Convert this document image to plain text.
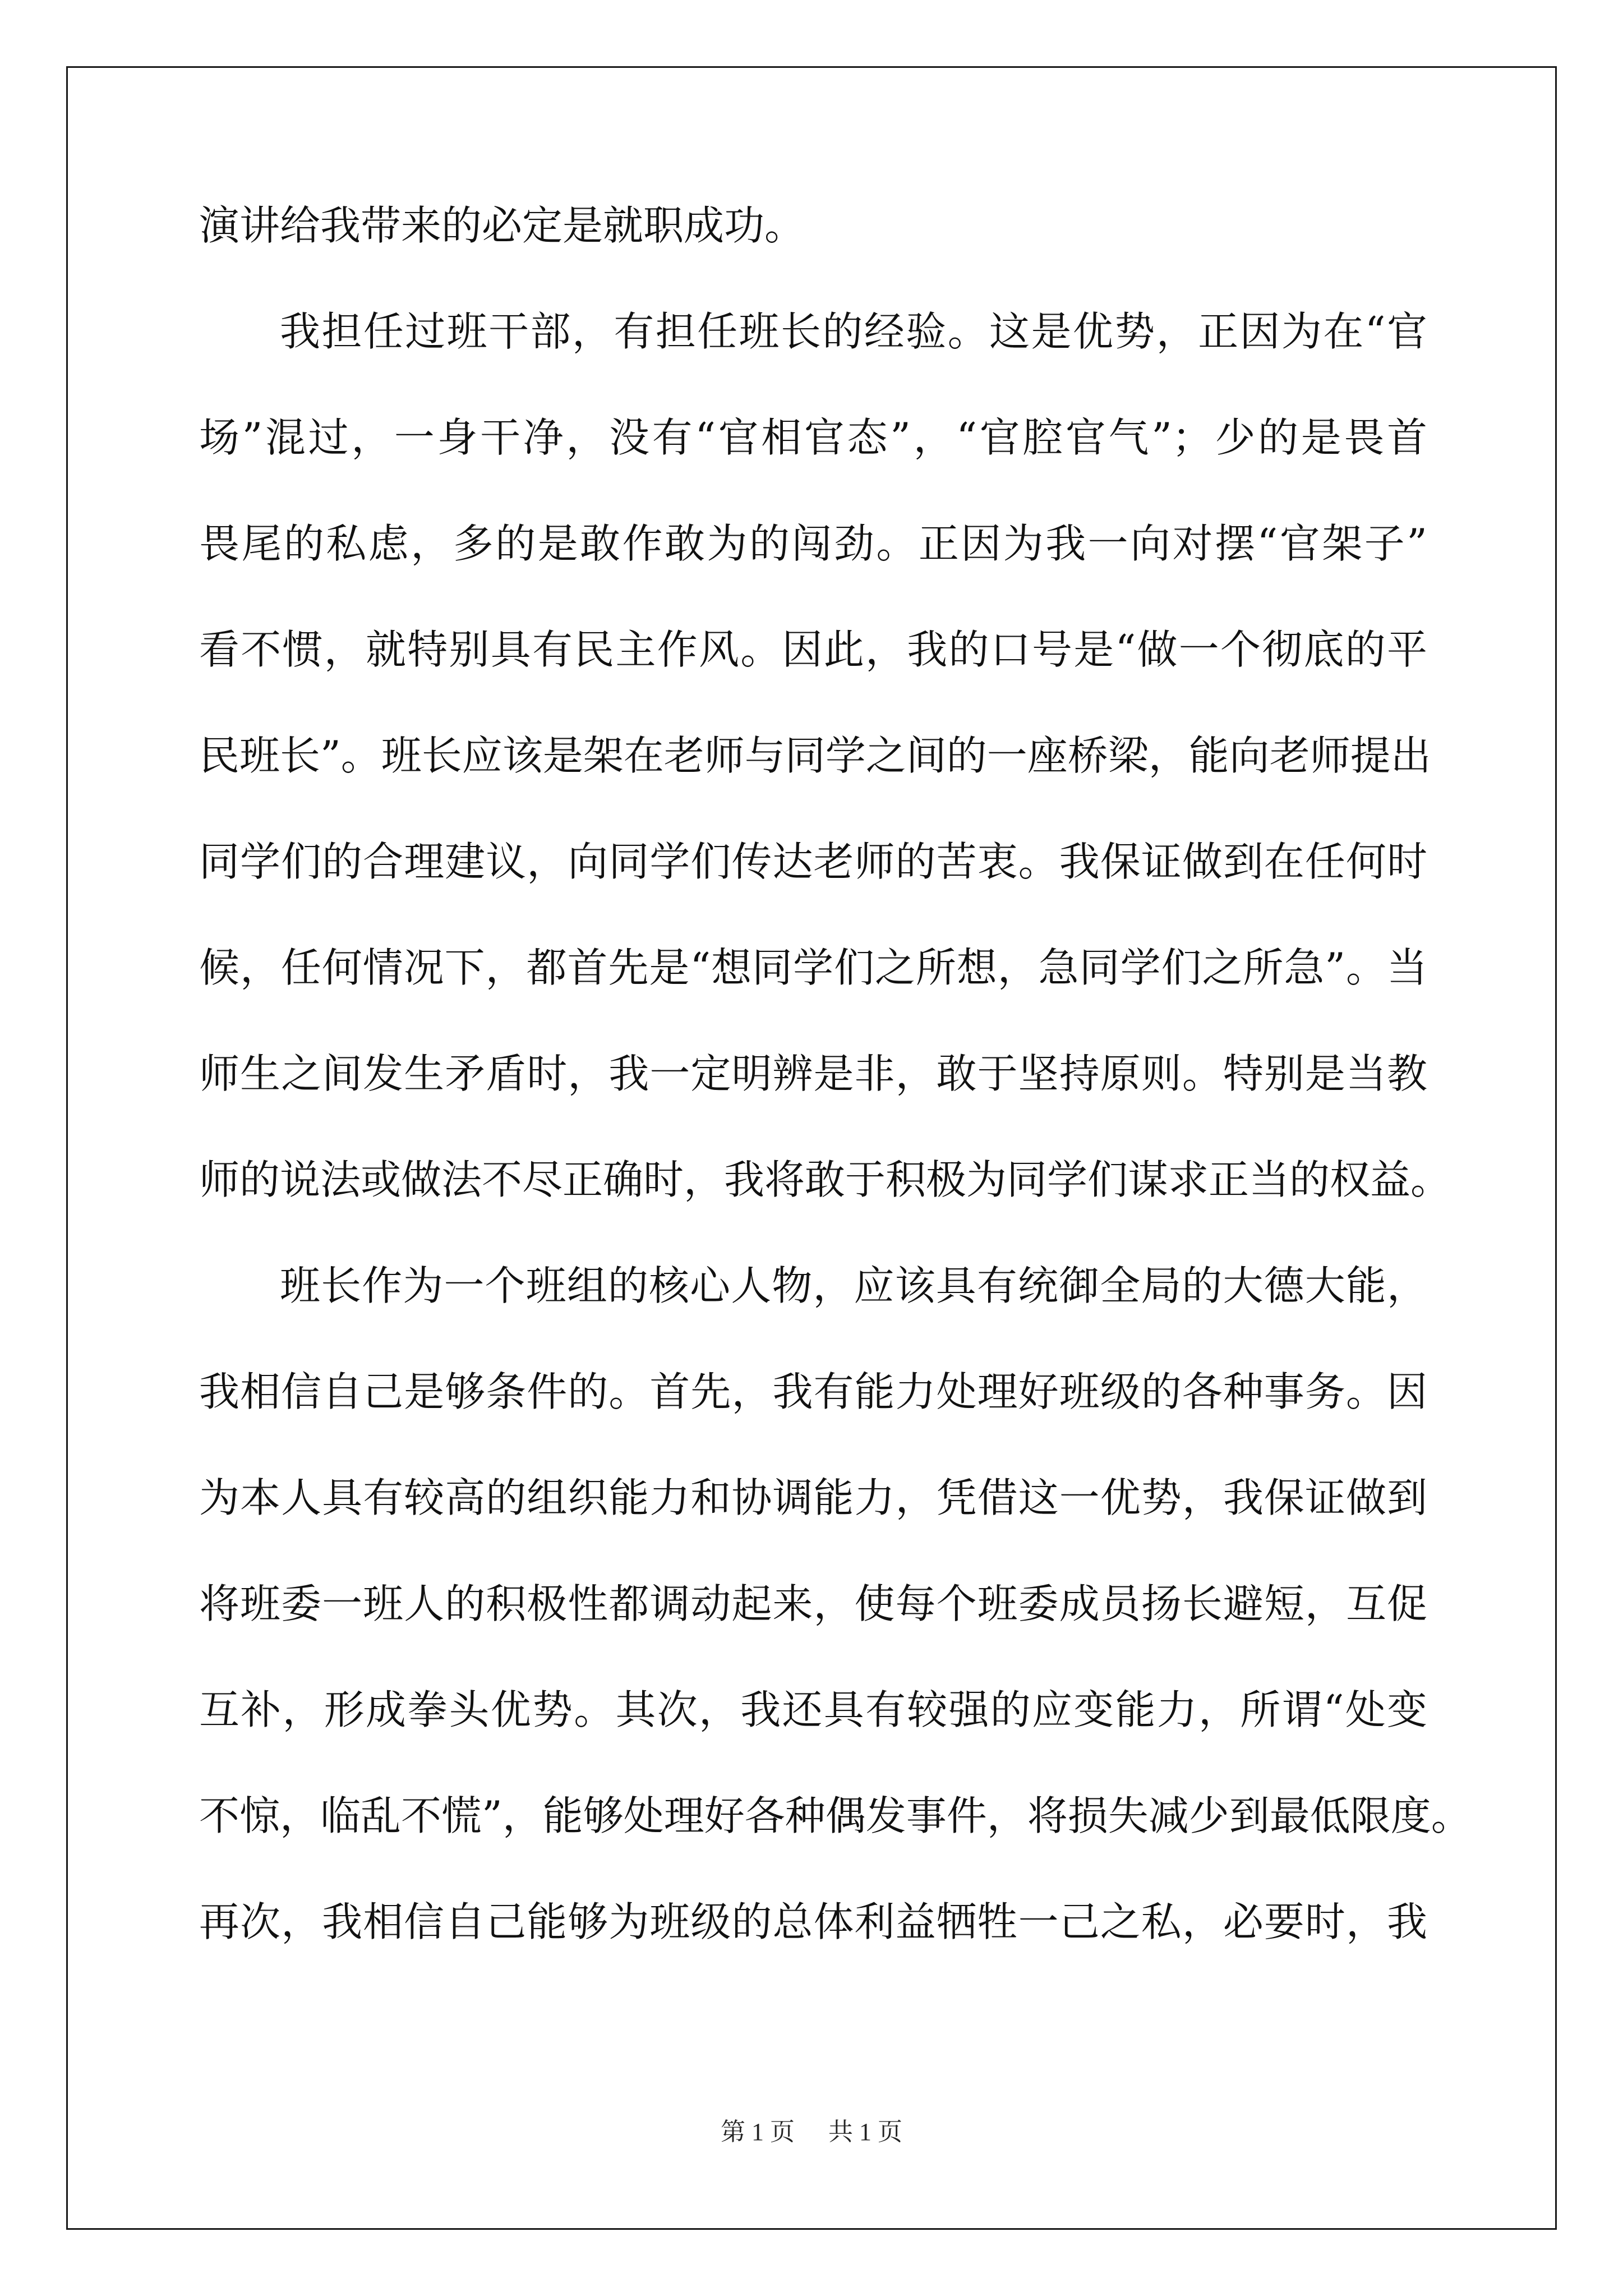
演讲给我带来的必定是就职成功。
我担任过班干部，有担任班长的经验。这是优势，正因为在“官
场”混过，一身干净，没有“官相官态”，“官腔官气”；少的是畏首
畏尾的私虑，多的是敢作敢为的闯劲。正因为我一向对摆“官架子”
看不惯，就特别具有民主作风。因此，我的口号是“做一个彻底的平
民班长”。班长应该是架在老师与同学之间的一座桥梁，能向老师提出
同学们的合理建议，向同学们传达老师的苦衷。我保证做到在任何时
候，任何情况下，都首先是“想同学们之所想，急同学们之所急”。当
师生之间发生矛盾时，我一定明辨是非，敢于坚持原则。特别是当教
师的说法或做法不尽正确时，我将敢于积极为同学们谋求正当的权益。
班长作为一个班组的核心人物，应该具有统御全局的大德大能，
我相信自己是够条件的。首先，我有能力处理好班级的各种事务。因
为本人具有较高的组织能力和协调能力，凭借这一优势，我保证做到
将班委一班人的积极性都调动起来，使每个班委成员扬长避短，互促
互补，形成拳头优势。其次，我还具有较强的应变能力，所谓“处变
不惊，临乱不慌”，能够处理好各种偶发事件，将损失减少到最低限度。
再次，我相信自己能够为班级的总体利益牺牲一己之私，必要时，我
第 1 页 共 1 页
